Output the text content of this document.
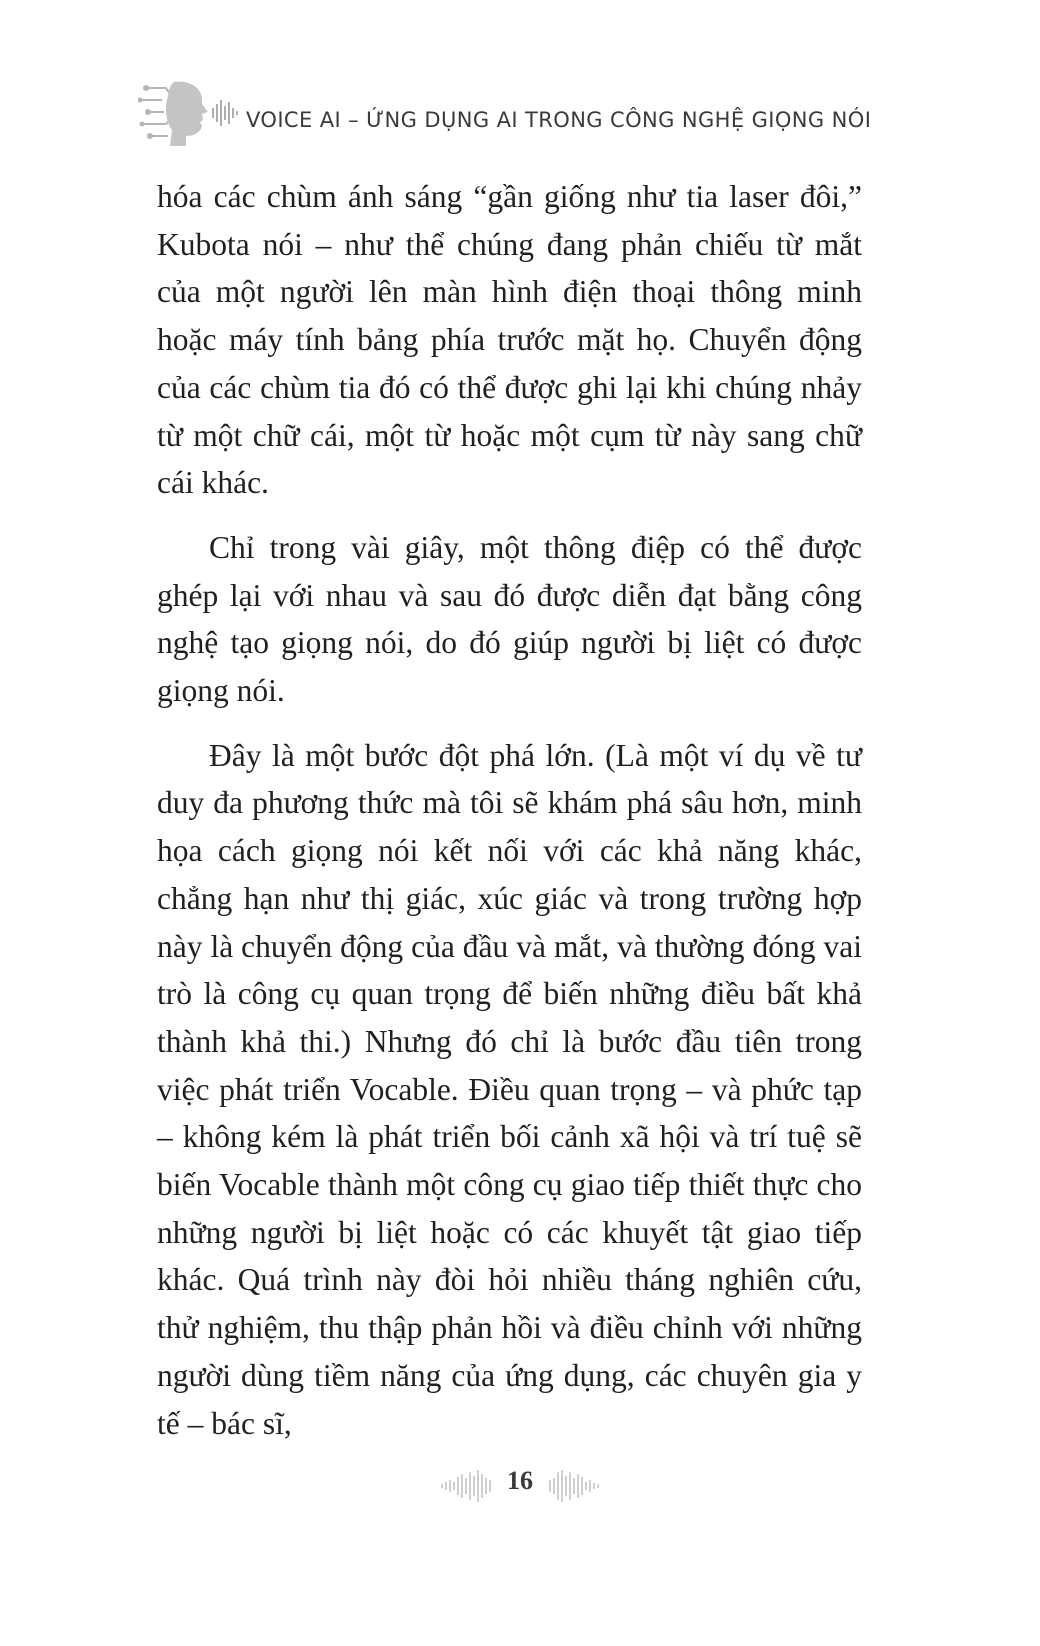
VOICE AI – ỨNG DỤNG AI TRONG CÔNG NGHỆ GIỌNG NÓI

hóa các chùm ánh sáng “gần giống như tia laser đôi,” Kubota nói – như thể chúng đang phản chiếu từ mắt của một người lên màn hình điện thoại thông minh hoặc máy tính bảng phía trước mặt họ. Chuyển động của các chùm tia đó có thể được ghi lại khi chúng nhảy từ một chữ cái, một từ hoặc một cụm từ này sang chữ cái khác.

Chỉ trong vài giây, một thông điệp có thể được ghép lại với nhau và sau đó được diễn đạt bằng công nghệ tạo giọng nói, do đó giúp người bị liệt có được giọng nói.

Đây là một bước đột phá lớn. (Là một ví dụ về tư duy đa phương thức mà tôi sẽ khám phá sâu hơn, minh họa cách giọng nói kết nối với các khả năng khác, chẳng hạn như thị giác, xúc giác và trong trường hợp này là chuyển động của đầu và mắt, và thường đóng vai trò là công cụ quan trọng để biến những điều bất khả thành khả thi.) Nhưng đó chỉ là bước đầu tiên trong việc phát triển Vocable. Điều quan trọng – và phức tạp – không kém là phát triển bối cảnh xã hội và trí tuệ sẽ biến Vocable thành một công cụ giao tiếp thiết thực cho những người bị liệt hoặc có các khuyết tật giao tiếp khác. Quá trình này đòi hỏi nhiều tháng nghiên cứu, thử nghiệm, thu thập phản hồi và điều chỉnh với những người dùng tiềm năng của ứng dụng, các chuyên gia y tế – bác sĩ,

16
